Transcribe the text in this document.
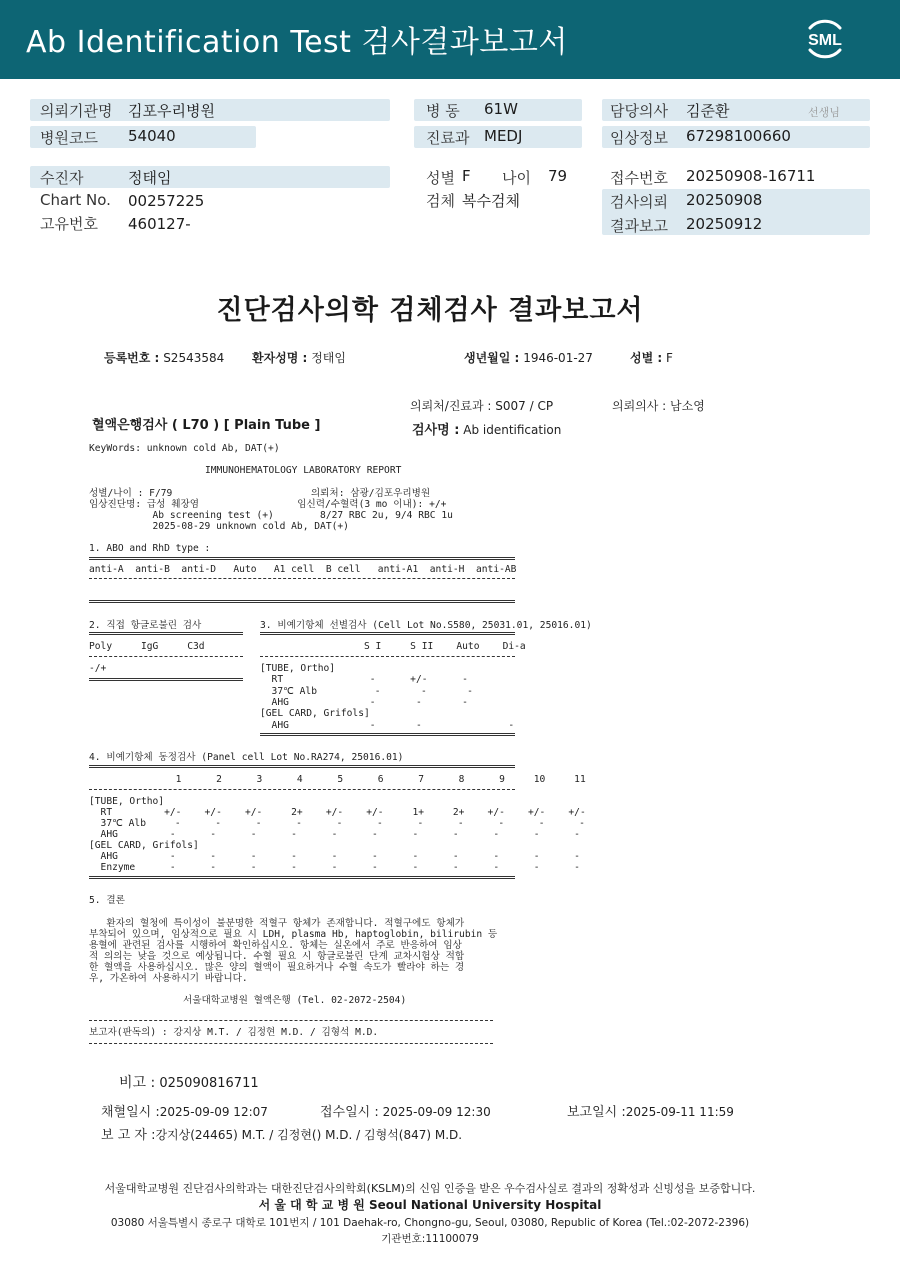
Ab Identification Test 검사결과보고서	SML
의뢰기관명 김포우리병원
병원코드 54040
수진자	정태임
Chart No. 00257225
고유번호 460127-
병 동 61W
진료과 MEDJ
성별 F 나이 79
검체 복수검체
담당의사 김준환	선생님
임상정보 67298100660
접수번호 20250908-16711
검사의뢰 20250908
결과보고 20250912
진단검사의학 검체검사 결과보고서
등록번호 : S2543584 환자성명 : 정태임	생년월일 : 1946-01-27	성별 : F
의뢰처/진료과 : S007 / CP	의뢰의사 : 남소영
혈액은행검사 ( L70 ) [ Plain Tube ]	검사명 : Ab identification
KeyWords: unknown cold Ab, DAT(+)
IMMUNOHEMATOLOGY LABORATORY REPORT
성별/나이 : F/79                        의뢰처: 삼광/김포우리병원
임상진단명: 급성 췌장염                 임신력/수혈력(3 mo 이내): +/+
Ab screening test (+)        8/27 RBC 2u, 9/4 RBC 1u
2025-08-29 unknown cold Ab, DAT(+)
1. ABO and RhD type :
anti-A  anti-B  anti-D   Auto   A1 cell  B cell   anti-A1  anti-H  anti-AB
2. 직접 항글로불린 검사
Poly     IgG     C3d
-/+
3. 비예기항체 선별검사 (Cell Lot No.S580, 25031.01, 25016.01)
S I     S II    Auto    Di-a
[TUBE, Ortho]
RT               -      +/-      -
37℃ Alb          -       -       -
AHG              -       -       -
[GEL CARD, Grifols]
AHG              -       -               -
4. 비예기항체 동정검사 (Panel cell Lot No.RA274, 25016.01)
1      2      3      4      5      6      7      8      9     10     11
[TUBE, Ortho]
RT         +/-    +/-    +/-     2+    +/-    +/-     1+     2+    +/-    +/-    +/-
37℃ Alb     -      -      -      -      -      -      -      -      -      -      -
AHG         -      -      -      -      -      -      -      -      -      -      -
[GEL CARD, Grifols]
AHG         -      -      -      -      -      -      -      -      -      -      -
Enzyme      -      -      -      -      -      -      -      -      -      -      -
5. 결론
환자의 혈청에 특이성이 불분명한 적혈구 항체가 존재합니다. 적혈구에도 항체가
부착되어 있으며, 임상적으로 필요 시 LDH, plasma Hb, haptoglobin, bilirubin 등
용혈에 관련된 검사를 시행하여 확인하십시오. 항체는 실온에서 주로 반응하여 임상
적 의의는 낮을 것으로 예상됩니다. 수혈 필요 시 항글로불린 단계 교차시험상 적합
한 혈액을 사용하십시오. 많은 양의 혈액이 필요하거나 수혈 속도가 빨라야 하는 경
우, 가온하여 사용하시기 바랍니다.
서울대학교병원 혈액은행 (Tel. 02-2072-2504)
보고자(판독의) : 강지상 M.T. / 김정현 M.D. / 김형석 M.D.
비고 : 025090816711
채혈일시 :2025-09-09 12:07	접수일시 : 2025-09-09 12:30	보고일시 :2025-09-11 11:59
보 고 자 :강지상(24465) M.T. / 김정현() M.D. / 김형석(847) M.D.
서울대학교병원 진단검사의학과는 대한진단검사의학회(KSLM)의 신임 인증을 받은 우수검사실로 결과의 정확성과 신빙성을 보증합니다.
서 울 대 학 교 병 원 Seoul National University Hospital
03080 서울특별시 종로구 대학로 101번지 / 101 Daehak-ro, Chongno-gu, Seoul, 03080, Republic of Korea (Tel.:02-2072-2396)
기관번호:11100079
